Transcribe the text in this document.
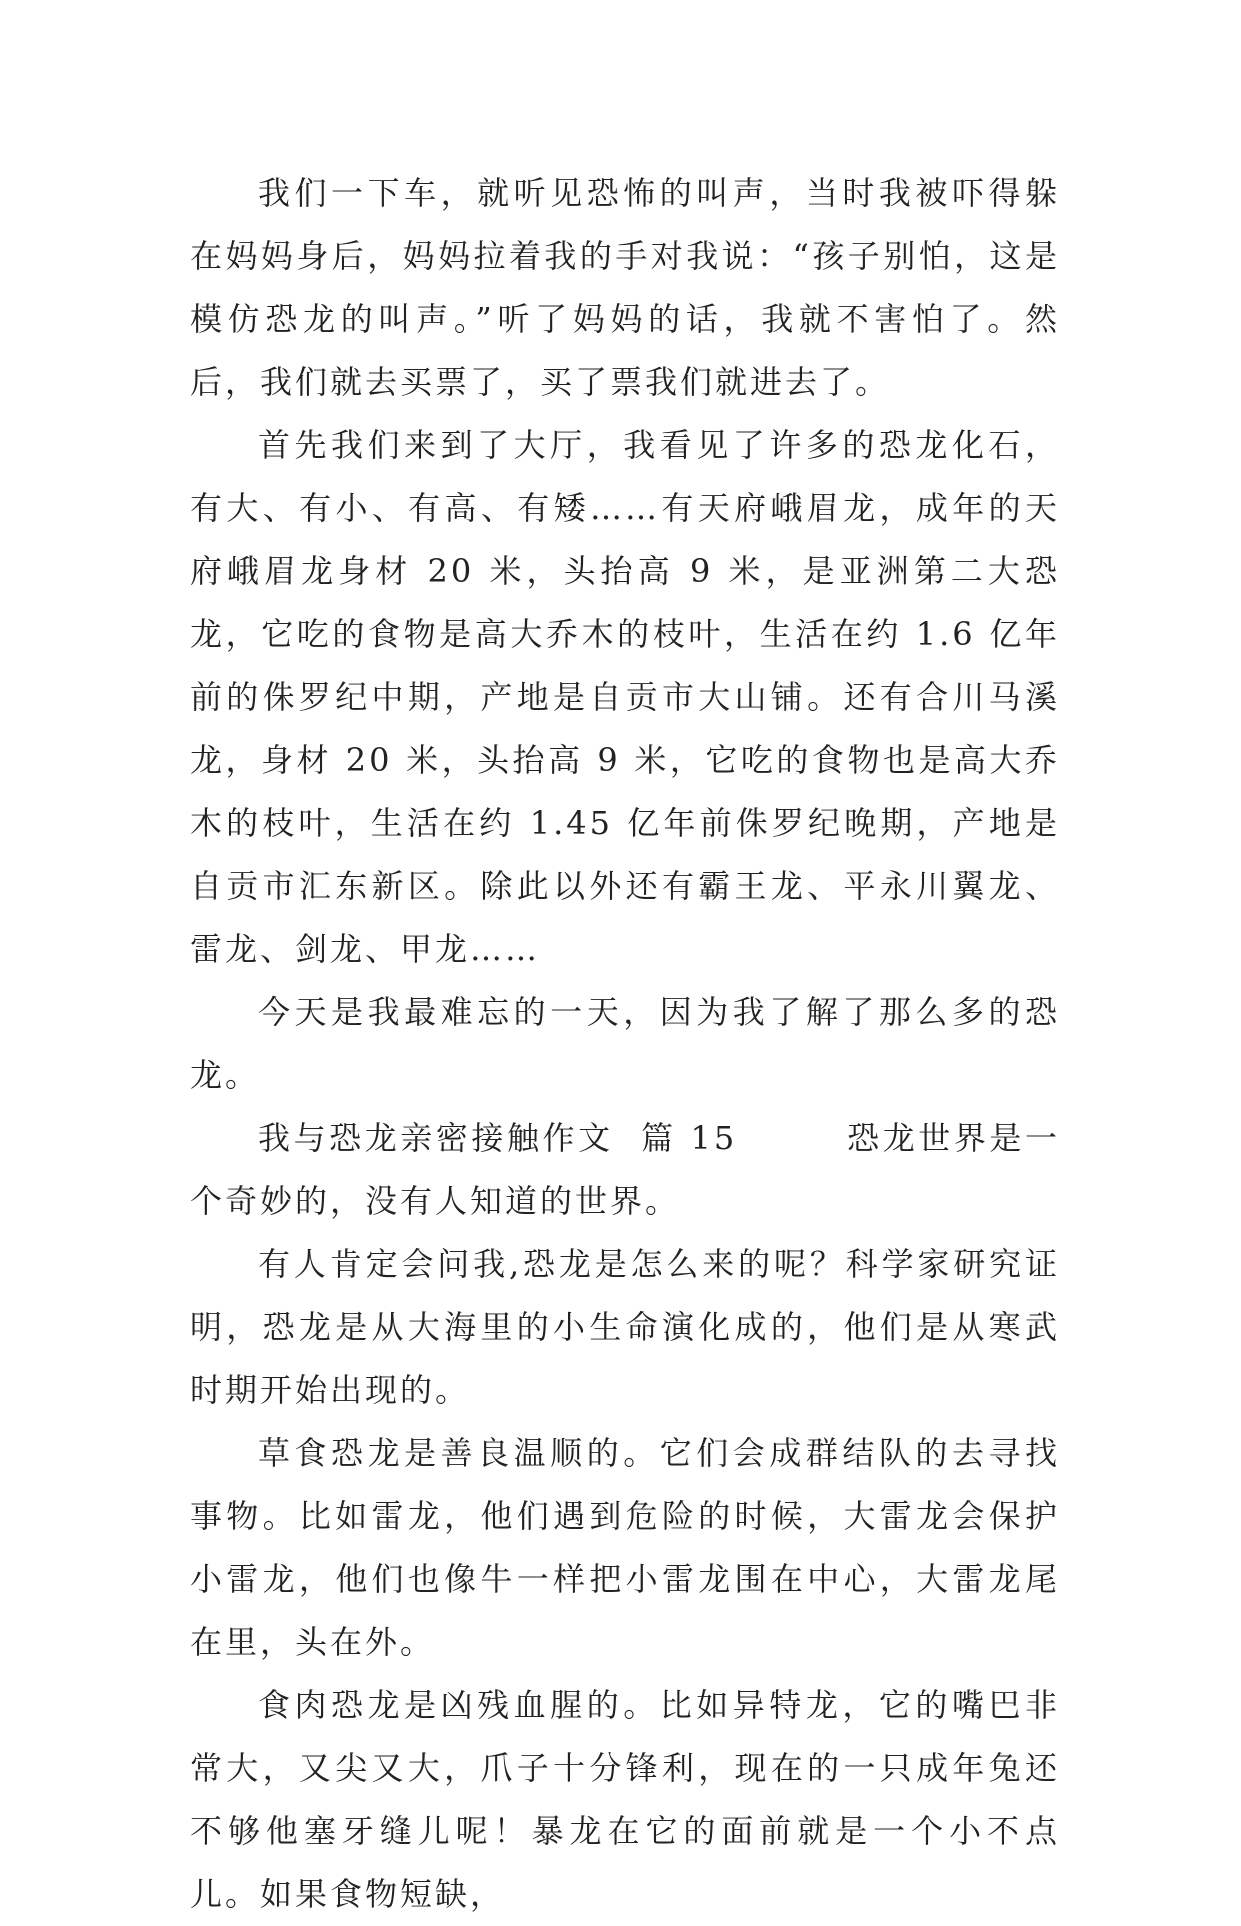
我们一下车，就听见恐怖的叫声，当时我被吓得躲在妈妈身后，妈妈拉着我的手对我说：“孩子别怕，这是模仿恐龙的叫声。”听了妈妈的话，我就不害怕了。然后，我们就去买票了，买了票我们就进去了。

首先我们来到了大厅，我看见了许多的恐龙化石，有大、有小、有高、有矮……有天府峨眉龙，成年的天府峨眉龙身材 20 米，头抬高 9 米，是亚洲第二大恐龙，它吃的食物是高大乔木的枝叶，生活在约 1.6 亿年前的侏罗纪中期，产地是自贡市大山铺。还有合川马溪龙，身材 20 米，头抬高 9 米，它吃的食物也是高大乔木的枝叶，生活在约 1.45 亿年前侏罗纪晚期，产地是自贡市汇东新区。除此以外还有霸王龙、平永川翼龙、雷龙、剑龙、甲龙……

今天是我最难忘的一天，因为我了解了那么多的恐龙。

我与恐龙亲密接触作文  篇 15        恐龙世界是一个奇妙的，没有人知道的世界。

有人肯定会问我,恐龙是怎么来的呢？科学家研究证明，恐龙是从大海里的小生命演化成的，他们是从寒武时期开始出现的。

草食恐龙是善良温顺的。它们会成群结队的去寻找事物。比如雷龙，他们遇到危险的时候，大雷龙会保护小雷龙，他们也像牛一样把小雷龙围在中心，大雷龙尾在里，头在外。

食肉恐龙是凶残血腥的。比如异特龙，它的嘴巴非常大，又尖又大，爪子十分锋利，现在的一只成年兔还不够他塞牙缝儿呢！暴龙在它的面前就是一个小不点儿。如果食物短缺，
